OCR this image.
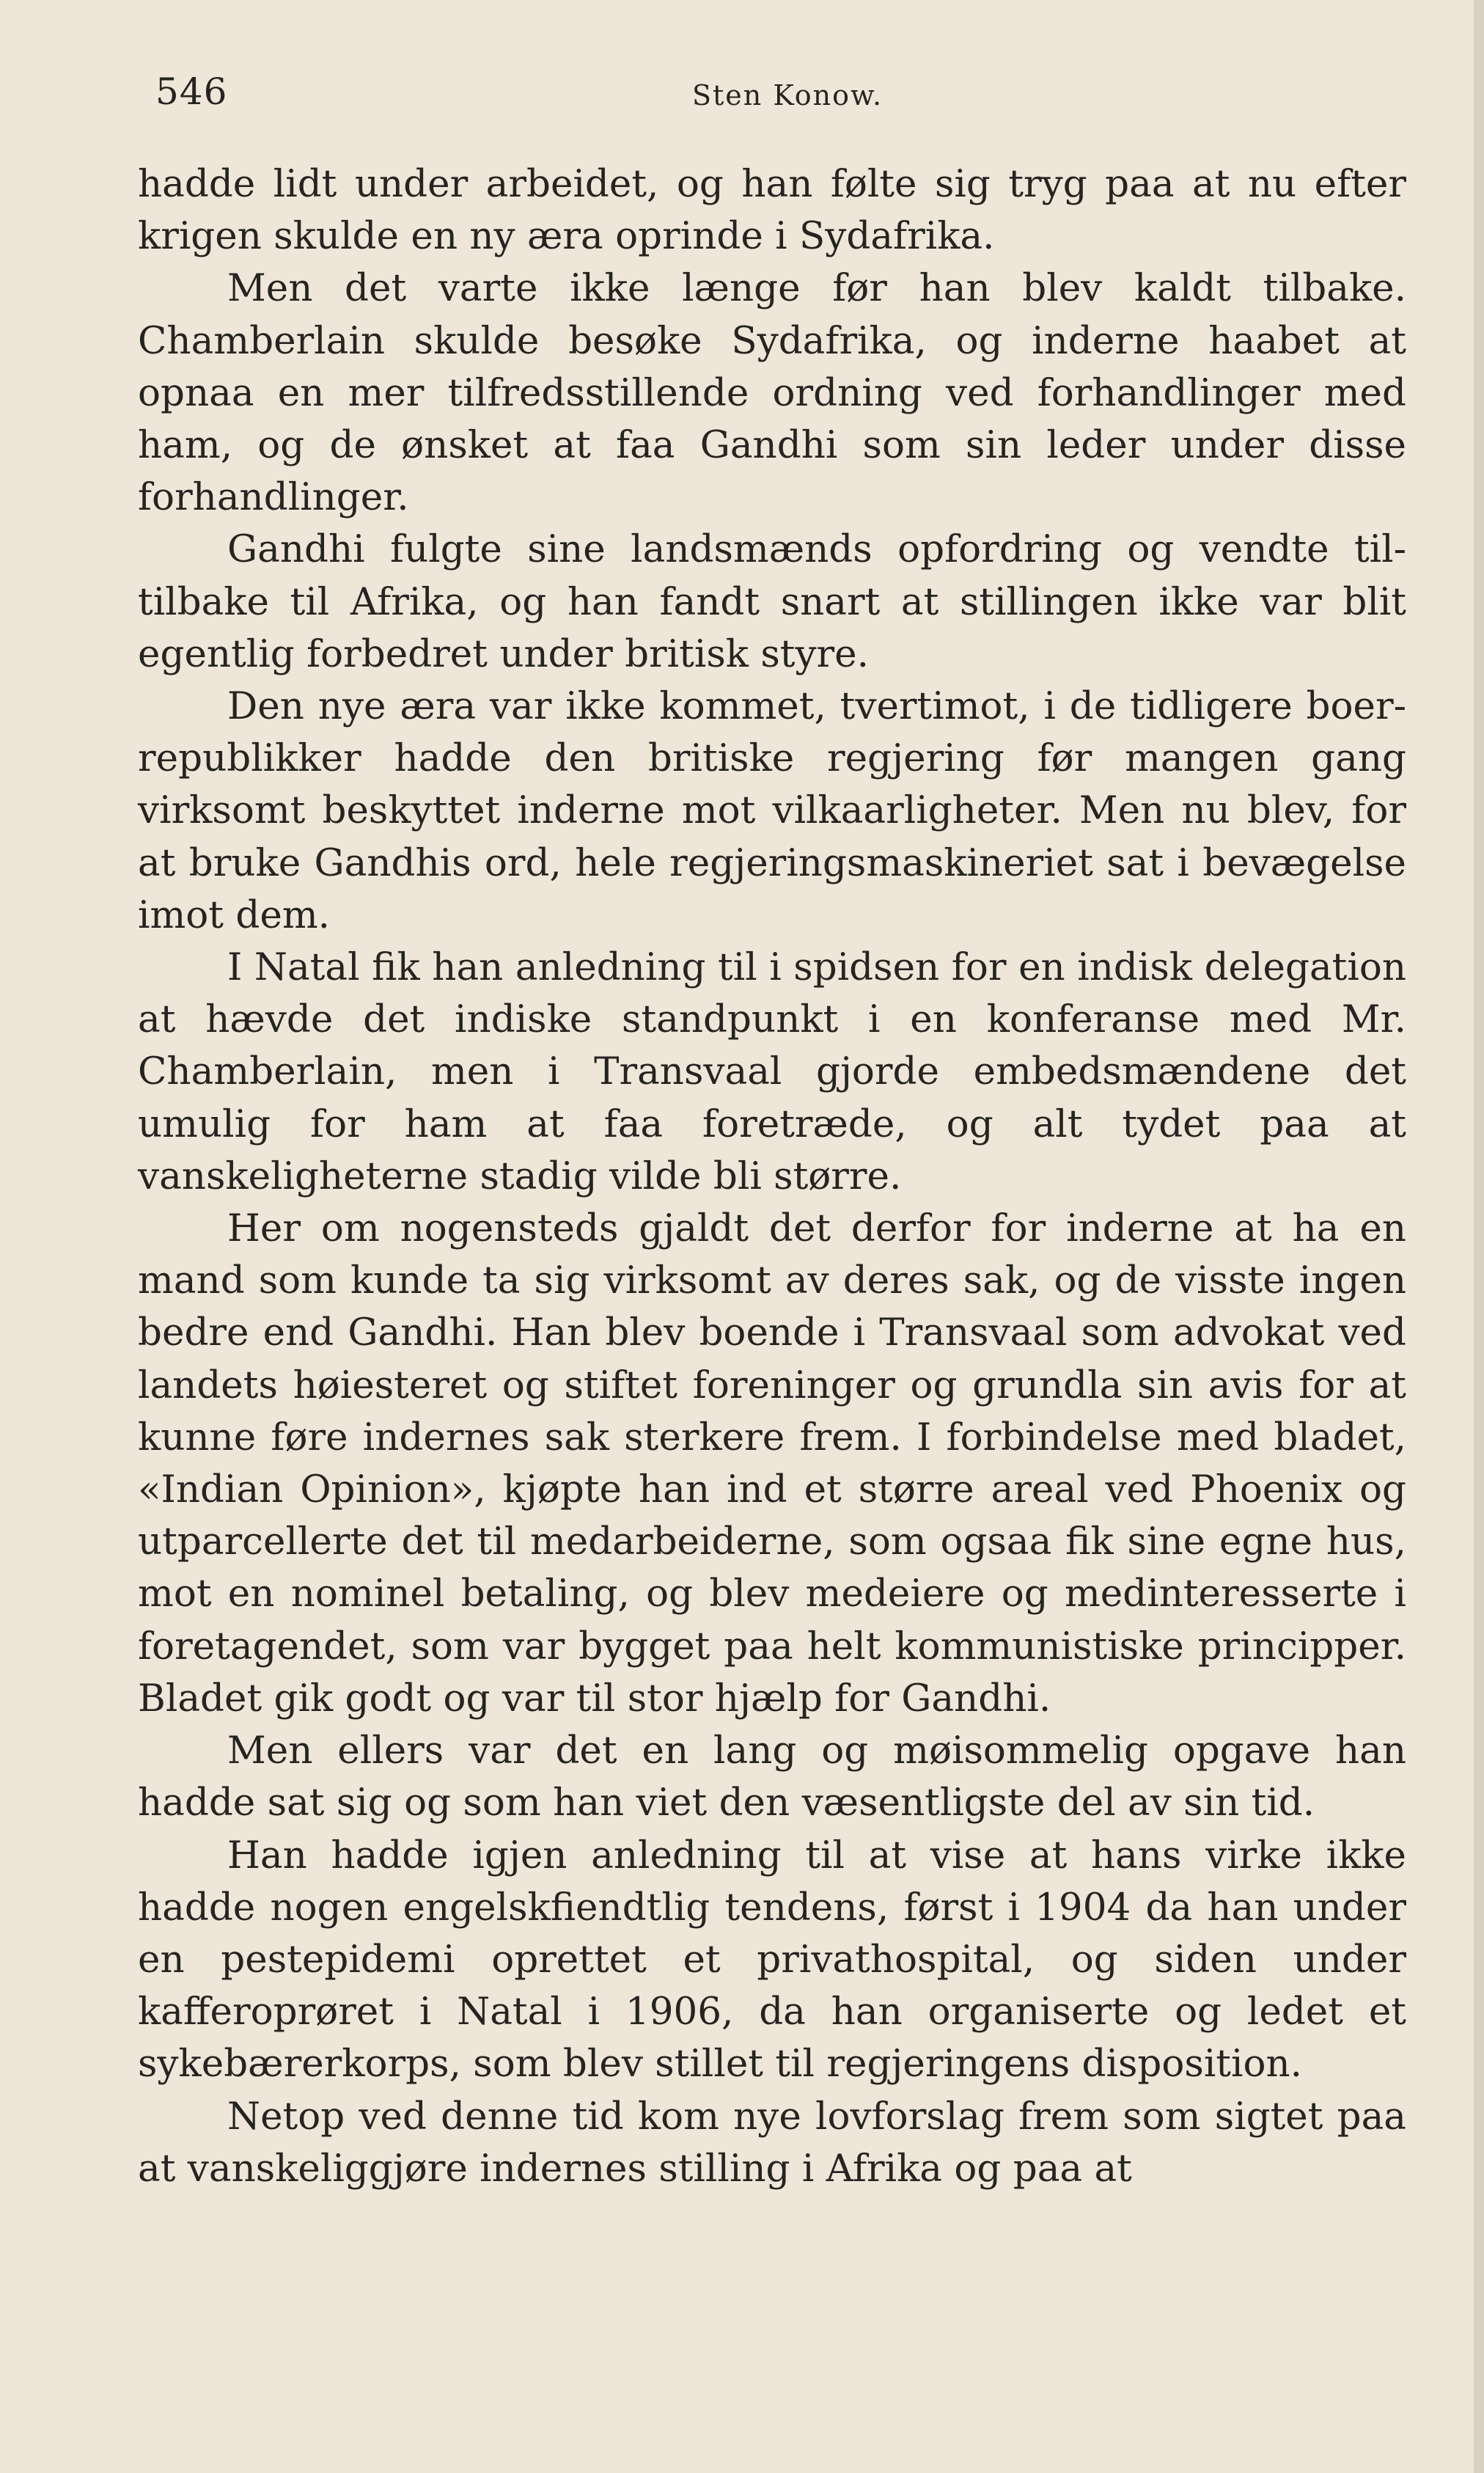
546	Sten Konow.

hadde lidt under arbeidet, og han følte sig tryg paa at nu efter krigen skulde en ny æra oprinde i Sydafrika.

Men det varte ikke længe før han blev kaldt tilbake. Chamberlain skulde besøke Sydafrika, og inderne haabet at opnaa en mer tilfredsstillende ordning ved forhandlinger med ham, og de ønsket at faa Gandhi som sin leder under disse forhandlinger.

Gandhi fulgte sine landsmænds opfordring og vendte tiltilbake til Afrika, og han fandt snart at stillingen ikke var blit egentlig forbedret under britisk styre.

Den nye æra var ikke kommet, tvertimot, i de tidligere boer-republikker hadde den britiske regjering før mangen gang virksomt beskyttet inderne mot vilkaarligheter. Men nu blev, for at bruke Gandhis ord, hele regjeringsmaskineriet sat i bevægelse imot dem.

I Natal fik han anledning til i spidsen for en indisk delegation at hævde det indiske standpunkt i en konferanse med Mr. Chamberlain, men i Transvaal gjorde embedsmændene det umulig for ham at faa foretræde, og alt tydet paa at vanskeligheterne stadig vilde bli større.

Her om nogensteds gjaldt det derfor for inderne at ha en mand som kunde ta sig virksomt av deres sak, og de visste ingen bedre end Gandhi. Han blev boende i Transvaal som advokat ved landets høiesteret og stiftet foreninger og grundla sin avis for at kunne føre indernes sak sterkere frem. I forbindelse med bladet, «Indian Opinion», kjøpte han ind et større areal ved Phoenix og utparcellerte det til medarbeiderne, som ogsaa fik sine egne hus, mot en nominel betaling, og blev medeiere og medinteresserte i foretagendet, som var bygget paa helt kommunistiske principper. Bladet gik godt og var til stor hjælp for Gandhi.

Men ellers var det en lang og møisommelig opgave han hadde sat sig og som han viet den væsentligste del av sin tid.

Han hadde igjen anledning til at vise at hans virke ikke hadde nogen engelskfiendtlig tendens, først i 1904 da han under en pestepidemi oprettet et privathospital, og siden under kafferoprøret i Natal i 1906, da han organiserte og ledet et sykebærerkorps, som blev stillet til regjeringens disposition.

Netop ved denne tid kom nye lovforslag frem som sigtet paa at vanskeliggjøre indernes stilling i Afrika og paa at
